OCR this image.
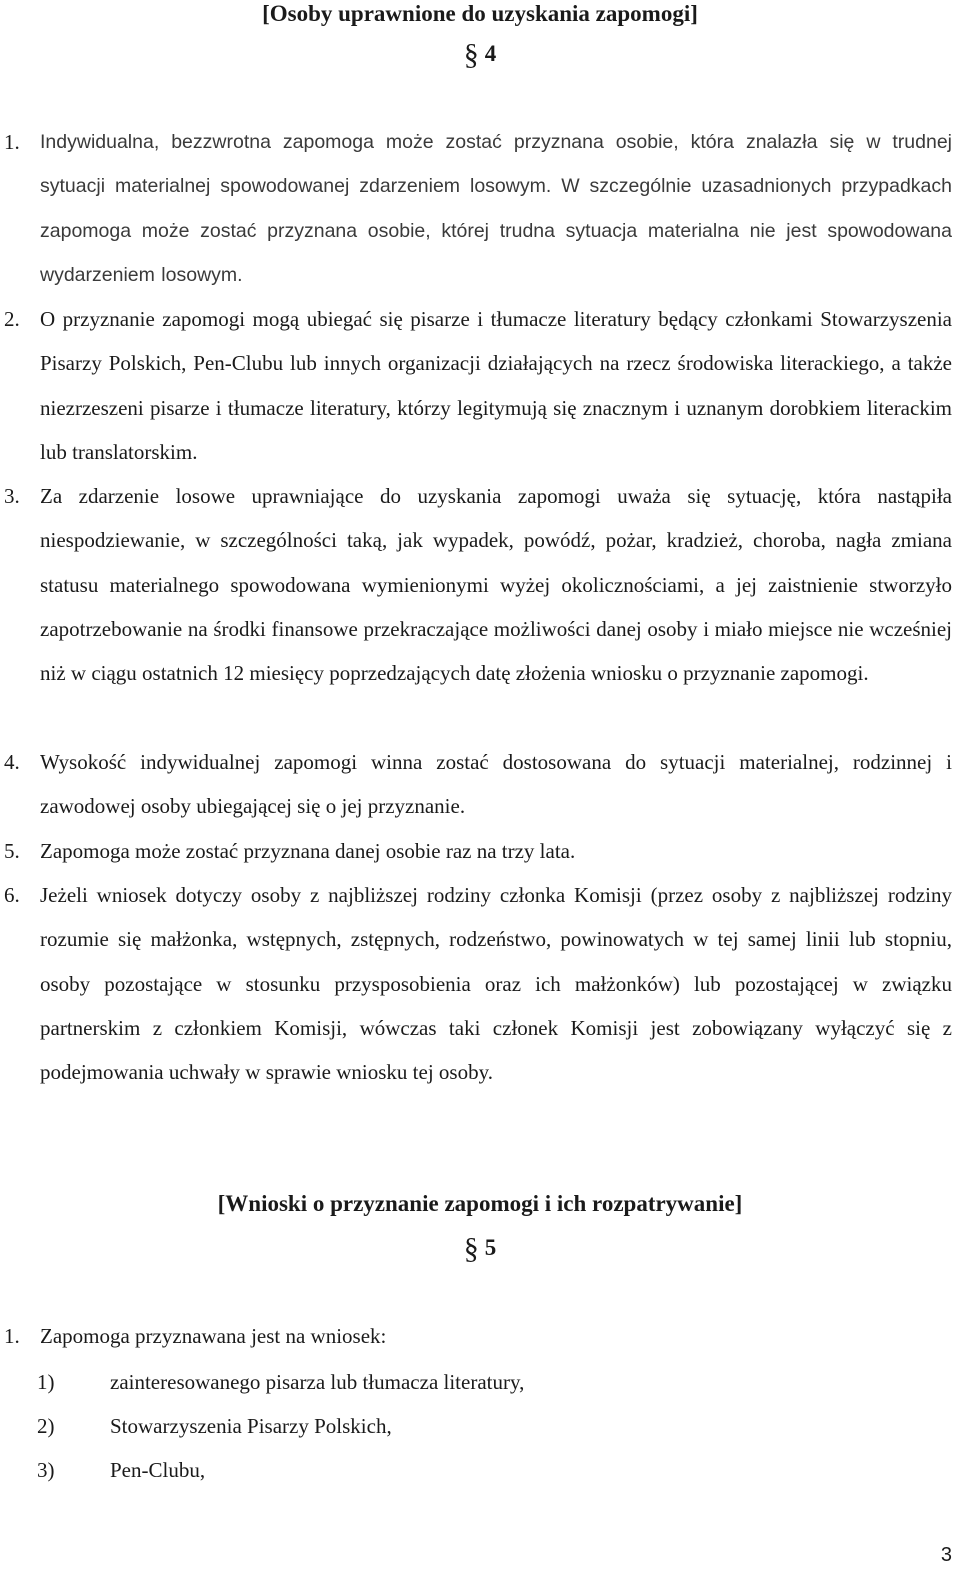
[Osoby uprawnione do uzyskania zapomogi]
§ 4
1. Indywidualna, bezzwrotna zapomoga może zostać przyznana osobie, która znalazła się w trudnej sytuacji materialnej spowodowanej zdarzeniem losowym. W szczególnie uzasadnionych przypadkach zapomoga może zostać przyznana osobie, której trudna sytuacja materialna nie jest spowodowana wydarzeniem losowym.
2. O przyznanie zapomogi mogą ubiegać się pisarze i tłumacze literatury będący członkami Stowarzyszenia Pisarzy Polskich, Pen-Clubu lub innych organizacji działających na rzecz środowiska literackiego, a także niezrzeszeni pisarze i tłumacze literatury, którzy legitymują się znacznym i uznanym dorobkiem literackim lub translatorskim.
3. Za zdarzenie losowe uprawniające do uzyskania zapomogi uważa się sytuację, która nastąpiła niespodziewanie, w szczególności taką, jak wypadek, powódź, pożar, kradzież, choroba, nagła zmiana statusu materialnego spowodowana wymienionymi wyżej okolicznościami, a jej zaistnienie stworzyło zapotrzebowanie na środki finansowe przekraczające możliwości danej osoby i miało miejsce nie wcześniej niż w ciągu ostatnich 12 miesięcy poprzedzających datę złożenia wniosku o przyznanie zapomogi.
4. Wysokość indywidualnej zapomogi winna zostać dostosowana do sytuacji materialnej, rodzinnej i zawodowej osoby ubiegającej się o jej przyznanie.
5. Zapomoga może zostać przyznana danej osobie raz na trzy lata.
6. Jeżeli wniosek dotyczy osoby z najbliższej rodziny członka Komisji (przez osoby z najbliższej rodziny rozumie się małżonka, wstępnych, zstępnych, rodzeństwo, powinowatych w tej samej linii lub stopniu, osoby pozostające w stosunku przysposobienia oraz ich małżonków) lub pozostającej w związku partnerskim z członkiem Komisji, wówczas taki członek Komisji jest zobowiązany wyłączyć się z podejmowania uchwały w sprawie wniosku tej osoby.
[Wnioski o przyznanie zapomogi i ich rozpatrywanie]
§ 5
1. Zapomoga przyznawana jest na wniosek:
1)	zainteresowanego pisarza lub tłumacza literatury,
2)	Stowarzyszenia Pisarzy Polskich,
3)	Pen-Clubu,
3
